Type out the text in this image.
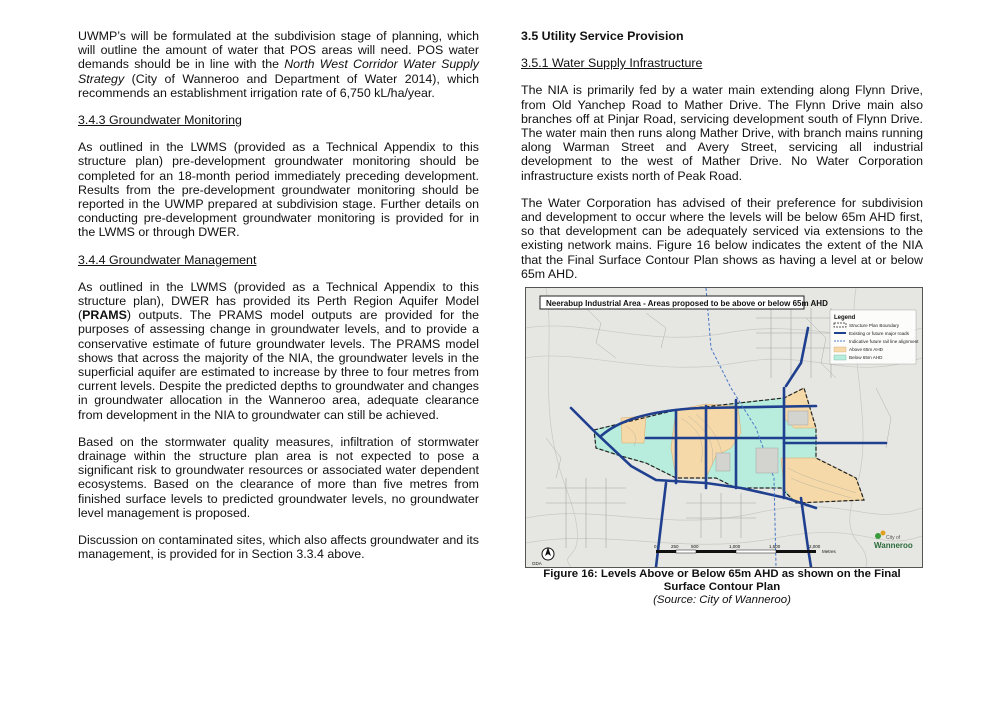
UWMP’s will be formulated at the subdivision stage of planning, which will outline the amount of water that POS areas will need. POS water demands should be in line with the North West Corridor Water Supply Strategy (City of Wanneroo and Department of Water 2014), which recommends an establishment irrigation rate of 6,750 kL/ha/year.

3.4.3 Groundwater Monitoring

As outlined in the LWMS (provided as a Technical Appendix to this structure plan) pre-development groundwater monitoring should be completed for an 18-month period immediately preceding development. Results from the pre-development groundwater monitoring should be reported in the UWMP prepared at subdivision stage. Further details on conducting pre-development groundwater monitoring is provided for in the LWMS or through DWER.

3.4.4 Groundwater Management

As outlined in the LWMS (provided as a Technical Appendix to this structure plan), DWER has provided its Perth Region Aquifer Model (PRAMS) outputs. The PRAMS model outputs are provided for the purposes of assessing change in groundwater levels, and to provide a conservative estimate of future groundwater levels. The PRAMS model shows that across the majority of the NIA, the groundwater levels in the superficial aquifer are estimated to increase by three to four metres from current levels. Despite the predicted depths to groundwater and changes in groundwater allocation in the Wanneroo area, adequate clearance from development in the NIA to groundwater can still be achieved.

Based on the stormwater quality measures, infiltration of stormwater drainage within the structure plan area is not expected to pose a significant risk to groundwater resources or associated water dependent ecosystems. Based on the clearance of more than five metres from finished surface levels to predicted groundwater levels, no groundwater level management is proposed.

Discussion on contaminated sites, which also affects groundwater and its management, is provided for in Section 3.3.4 above.

3.5 Utility Service Provision
3.5.1 Water Supply Infrastructure

The NIA is primarily fed by a water main extending along Flynn Drive, from Old Yanchep Road to Mather Drive. The Flynn Drive main also branches off at Pinjar Road, servicing development south of Flynn Drive. The water main then runs along Mather Drive, with branch mains running along Warman Street and Avery Street, servicing all industrial development to the west of Mather Drive. No Water Corporation infrastructure exists north of Peak Road.

The Water Corporation has advised of their preference for subdivision and development to occur where the levels will be below 65m AHD first, so that development can be adequately serviced via extensions to the existing network mains. Figure 16 below indicates the extent of the NIA that the Final Surface Contour Plan shows as having a level at or below 65m AHD.

Neerabup Industrial Area - Areas proposed to be above or below 65m AHD
Legend
Structure Plan Boundary
Existing or future major roads
Indicative future rail line alignment
Above 65m AHD
Below 65m AHD
GDA
0	250	500	1,000	1,500	2,000
Metres
City of
Wanneroo
Figure 16: Levels Above or Below 65m AHD as shown on the Final Surface Contour Plan
(Source: City of Wanneroo)
